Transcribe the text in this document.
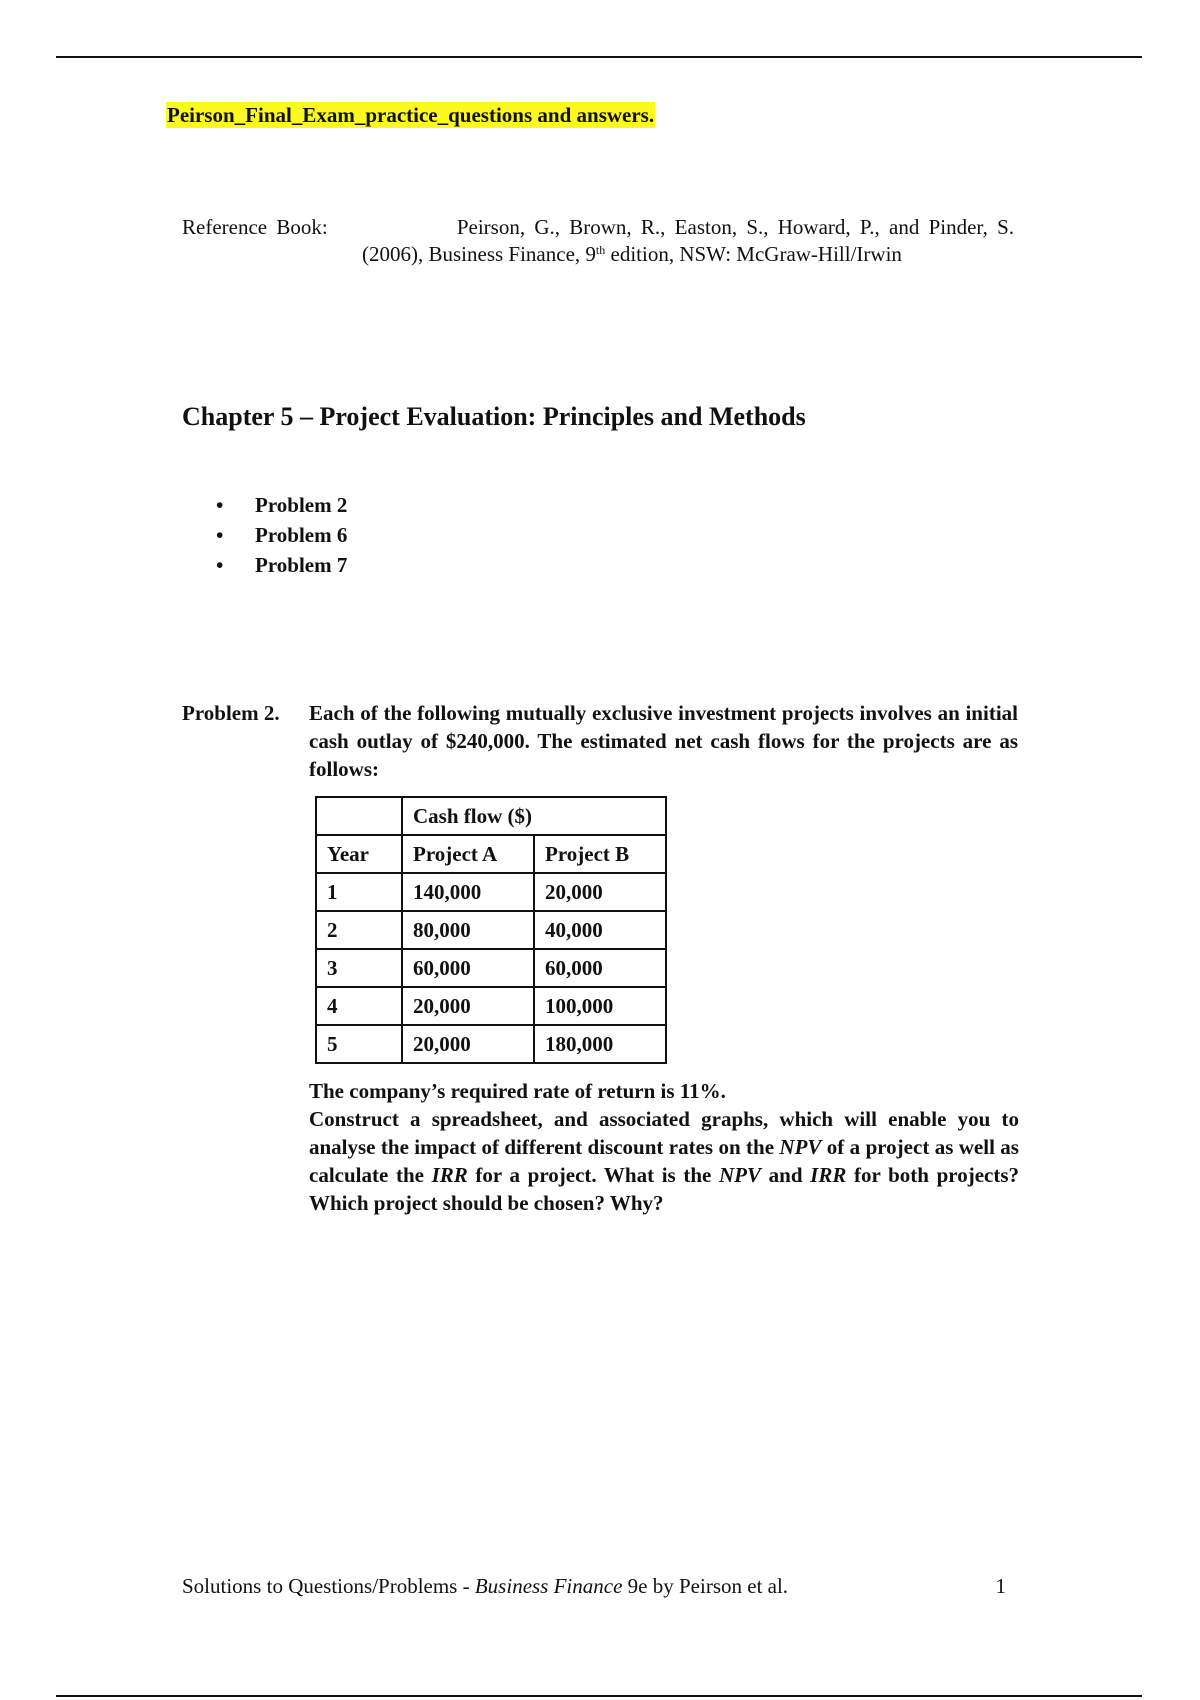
Peirson_Final_Exam_practice_questions and answers.
Reference Book:	Peirson, G., Brown, R., Easton, S., Howard, P., and Pinder, S.
(2006), Business Finance, 9th edition, NSW: McGraw-Hill/Irwin
Chapter 5 – Project Evaluation: Principles and Methods
• Problem 2
• Problem 6
• Problem 7
Problem 2.	Each of the following mutually exclusive investment projects involves an initial cash outlay of $240,000. The estimated net cash flows for the projects are as follows:
	Cash flow ($)	
Year	Project A	Project B
1	140,000	20,000
2	80,000	40,000
3	60,000	60,000
4	20,000	100,000
5	20,000	180,000

The company’s required rate of return is 11%.

Construct a spreadsheet, and associated graphs, which will enable you to analyse the impact of different discount rates on the NPV of a project as well as calculate the IRR for a project. What is the NPV and IRR for both projects? Which project should be chosen? Why?

Solutions to Questions/Problems - Business Finance 9e by Peirson et al.	1
